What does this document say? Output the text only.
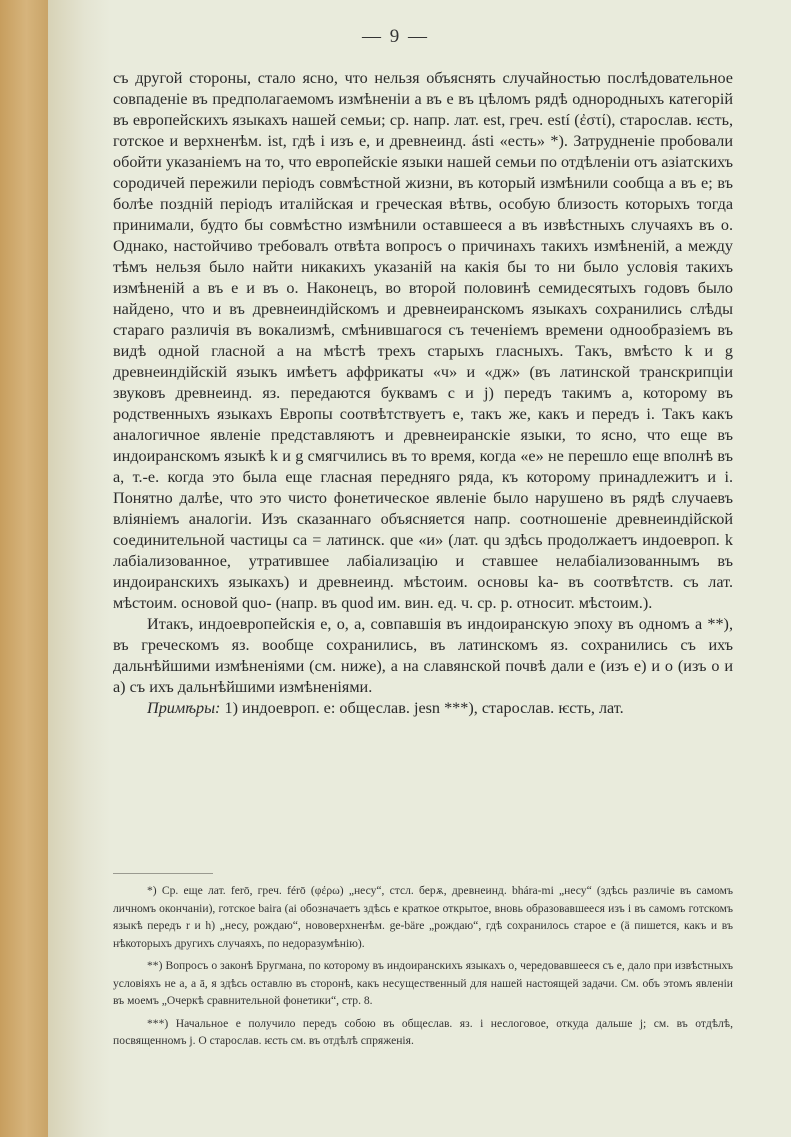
— 9 —

съ другой стороны, стало ясно, что нельзя объяснять случайностью послѣдовательное совпаденіе въ предполагаемомъ измѣненіи а въ е въ цѣломъ рядѣ однородныхъ категорій въ европейскихъ языкахъ нашей семьи; ср. напр. лат. est, греч. estí (ἐστί), старослав. ѥсть, готское и верхненѣм. ist, гдѣ і изъ е, и древнеинд. ásti «есть» *). Затрудненіе пробовали обойти указаніемъ на то, что европейскіе языки нашей семьи по отдѣленіи отъ азіатскихъ сородичей пережили періодъ совмѣстной жизни, въ который измѣнили сообща а въ е; въ болѣе поздній періодъ италійская и греческая вѣтвь, особую близость которыхъ тогда принимали, будто бы совмѣстно измѣнили оставшееся а въ извѣстныхъ случаяхъ въ о. Однако, настойчиво требовалъ отвѣта вопросъ о причинахъ такихъ измѣненій, а между тѣмъ нельзя было найти никакихъ указаній на какія бы то ни было условія такихъ измѣненій а въ е и въ о. Наконецъ, во второй половинѣ семидесятыхъ годовъ было найдено, что и въ древнеиндійскомъ и древнеиранскомъ языкахъ сохранились слѣды стараго различія въ вокализмѣ, смѣнившагося съ теченіемъ времени однообразіемъ въ видѣ одной гласной а на мѣстѣ трехъ старыхъ гласныхъ. Такъ, вмѣсто k и g древнеиндійскій языкъ имѣетъ аффрикаты «ч» и «дж» (въ латинской транскрипціи звуковъ древнеинд. яз. передаются буквамъ c и j) передъ такимъ а, которому въ родственныхъ языкахъ Европы соотвѣтствуетъ е, такъ же, какъ и передъ і. Такъ какъ аналогичное явленіе представляютъ и древнеиранскіе языки, то ясно, что еще въ индоиранскомъ языкѣ k и g смягчились въ то время, когда «е» не перешло еще вполнѣ въ а, т.-е. когда это была еще гласная передняго ряда, къ которому принадлежитъ и і. Понятно далѣе, что это чисто фонетическое явленіе было нарушено въ рядѣ случаевъ вліяніемъ аналогіи. Изъ сказаннаго объясняется напр. соотношеніе древнеиндійской соединительной частицы ca = латинск. que «и» (лат. qu здѣсь продолжаетъ индоевроп. k лабіализованное, утратившее лабіализацію и ставшее нелабіализованнымъ въ индоиранскихъ языкахъ) и древнеинд. мѣстоим. основы ka- въ соотвѣтств. съ лат. мѣстоим. основой quo- (напр. въ quod им. вин. ед. ч. ср. р. относит. мѣстоим.).

Итакъ, индоевропейскія е, о, а, совпавшія въ индоиранскую эпоху въ одномъ а **), въ греческомъ яз. вообще сохранились, въ латинскомъ яз. сохранились съ ихъ дальнѣйшими измѣненіями (см. ниже), а на славянской почвѣ дали е (изъ е) и о (изъ о и а) съ ихъ дальнѣйшими измѣненіями.

Примѣры: 1) индоевроп. е: общеслав. jesn ***), старослав. ѥсть, лат.

*) Ср. еще лат. ferō, греч. férō (φέρω) „несу“, стсл. берѫ, древнеинд. bhára-mi „несу“ (здѣсь различіе въ самомъ личномъ окончаніи), готское baira (ai обозначаетъ здѣсь е краткое открытое, вновь образовавшееся изъ і въ самомъ готскомъ языкѣ передъ r и h) „несу, рождаю“, нововерхненѣм. ge-bäre „рождаю“, гдѣ сохранилось старое е (ä пишется, какъ и въ нѣкоторыхъ другихъ случаяхъ, по недоразумѣнію).

**) Вопросъ о законѣ Бругмана, по которому въ индоиранскихъ языкахъ о, чередовавшееся съ е, дало при извѣстныхъ условіяхъ не а, а ā, я здѣсь оставлю въ сторонѣ, какъ несущественный для нашей настоящей задачи. См. объ этомъ явленіи въ моемъ „Очеркѣ сравнительной фонетики“, стр. 8.

***) Начальное е получило передъ собою въ общеслав. яз. і неслоговое, откуда дальше j; см. въ отдѣлѣ, посвященномъ j. О старослав. ѥсть см. въ отдѣлѣ спряженія.
